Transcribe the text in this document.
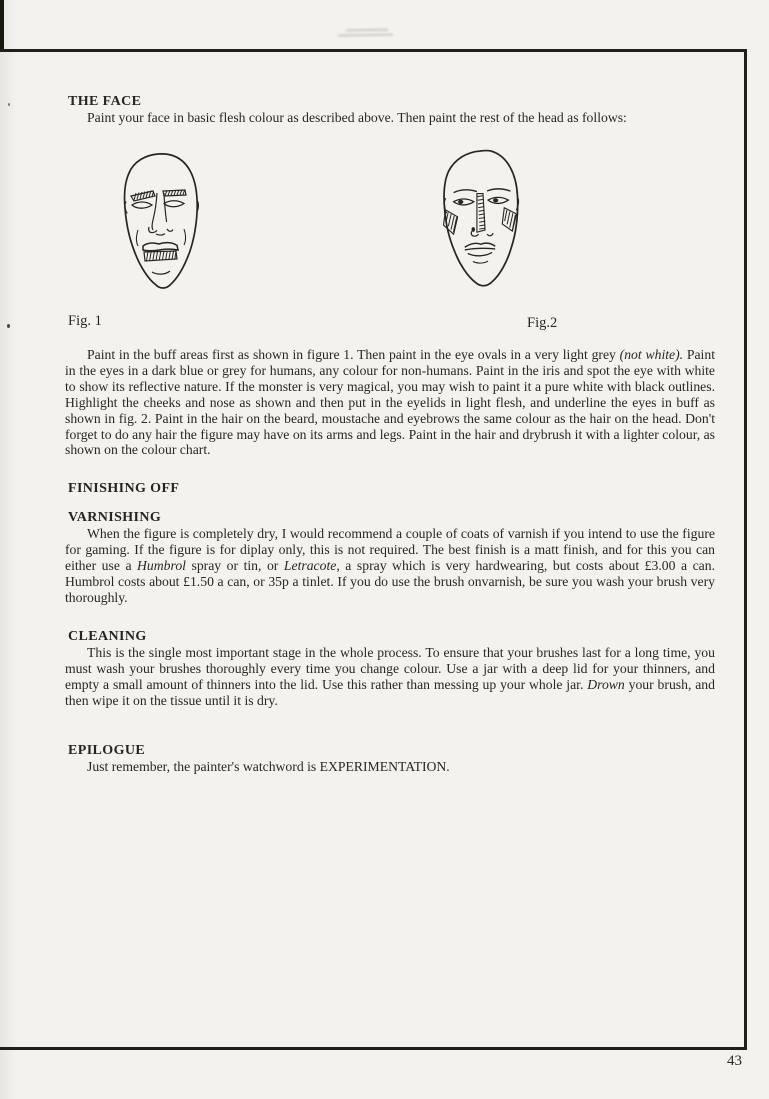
THE FACE

Paint your face in basic flesh colour as described above. Then paint the rest of the head as follows:

Fig. 1	Fig.2

Paint in the buff areas first as shown in figure 1. Then paint in the eye ovals in a very light grey (not white). Paint in the eyes in a dark blue or grey for humans, any colour for non-humans. Paint in the iris and spot the eye with white to show its reflective nature. If the monster is very magical, you may wish to paint it a pure white with black outlines. Highlight the cheeks and nose as shown and then put in the eyelids in light flesh, and underline the eyes in buff as shown in fig. 2. Paint in the hair on the beard, moustache and eyebrows the same colour as the hair on the head. Don't forget to do any hair the figure may have on its arms and legs. Paint in the hair and drybrush it with a lighter colour, as shown on the colour chart.

FINISHING OFF
VARNISHING

When the figure is completely dry, I would recommend a couple of coats of varnish if you intend to use the figure for gaming. If the figure is for diplay only, this is not required. The best finish is a matt finish, and for this you can either use a Humbrol spray or tin, or Letracote, a spray which is very hardwearing, but costs about £3.00 a can. Humbrol costs about £1.50 a can, or 35p a tinlet. If you do use the brush onvarnish, be sure you wash your brush very thoroughly.

CLEANING

This is the single most important stage in the whole process. To ensure that your brushes last for a long time, you must wash your brushes thoroughly every time you change colour. Use a jar with a deep lid for your thinners, and empty a small amount of thinners into the lid. Use this rather than messing up your whole jar. Drown your brush, and then wipe it on the tissue until it is dry.

EPILOGUE

Just remember, the painter's watchword is EXPERIMENTATION.

43
